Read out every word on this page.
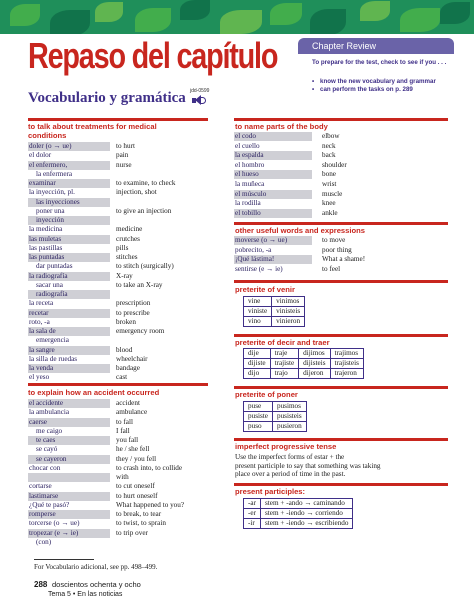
Chapter Review
To prepare for the test, check to see if you . . .
• know the new vocabulary and grammar
• can perform the tasks on p. 289
Repaso del capítulo
Vocabulario y gramática jdd-0599
to talk about treatments for medical
conditions
doler (o → ue)	to hurt
el dolor	pain
el enfermero,	nurse
la enfermera
examinar	to examine, to check
la inyección, pl.	injection, shot
las inyecciones
poner una	to give an injection
inyección
la medicina	medicine
las muletas	crutches
las pastillas	pills
las puntadas	stitches
dar puntadas	to stitch (surgically)
la radiografía	X-ray
sacar una	to take an X-ray
radiografía
la receta	prescription
recetar	to prescribe
roto, -a	broken
la sala de	emergency room
emergencia
la sangre	blood
la silla de ruedas	wheelchair
la venda	bandage
el yeso	cast
to explain how an accident occurred
el accidente	accident
la ambulancia	ambulance
caerse	to fall
me caigo	I fall
te caes	you fall
se cayó	he / she fell
se cayeron	they / you fell
chocar con	to crash into, to collide
with
cortarse	to cut oneself
lastimarse	to hurt oneself
¿Qué te pasó?	What happened to you?
romperse	to break, to tear
torcerse (o → ue)	to twist, to sprain
tropezar (e → ie)	to trip over
(con)
to name parts of the body
el codo	elbow
el cuello	neck
la espalda	back
el hombro	shoulder
el hueso	bone
la muñeca	wrist
el músculo	muscle
la rodilla	knee
el tobillo	ankle
other useful words and expressions
moverse (o → ue)	to move
pobrecito, -a	poor thing
¡Qué lástima!	What a shame!
sentirse (e → ie)	to feel
preterite of venir
vine	vinimos
viniste	vinisteis
vino	vinieron
preterite of decir and traer
dije	traje	dijimos	trajimos
dijiste	trajiste	dijisteis	trajisteis
dijo	trajo	dijeron	trajeron
preterite of poner
puse	pusimos
pusiste	pusisteis
puso	pusieron
imperfect progressive tense
Use the imperfect forms of estar + the
present participle to say that something was taking
place over a period of time in the past.
present participles:
-ar	stem + -ando → caminando
-er	stem + -iendo → corriendo
-ir	stem + -iendo → escribiendo
For Vocabulario adicional, see pp. 498–499.
288 doscientos ochenta y ocho
Tema 5 • En las noticias
